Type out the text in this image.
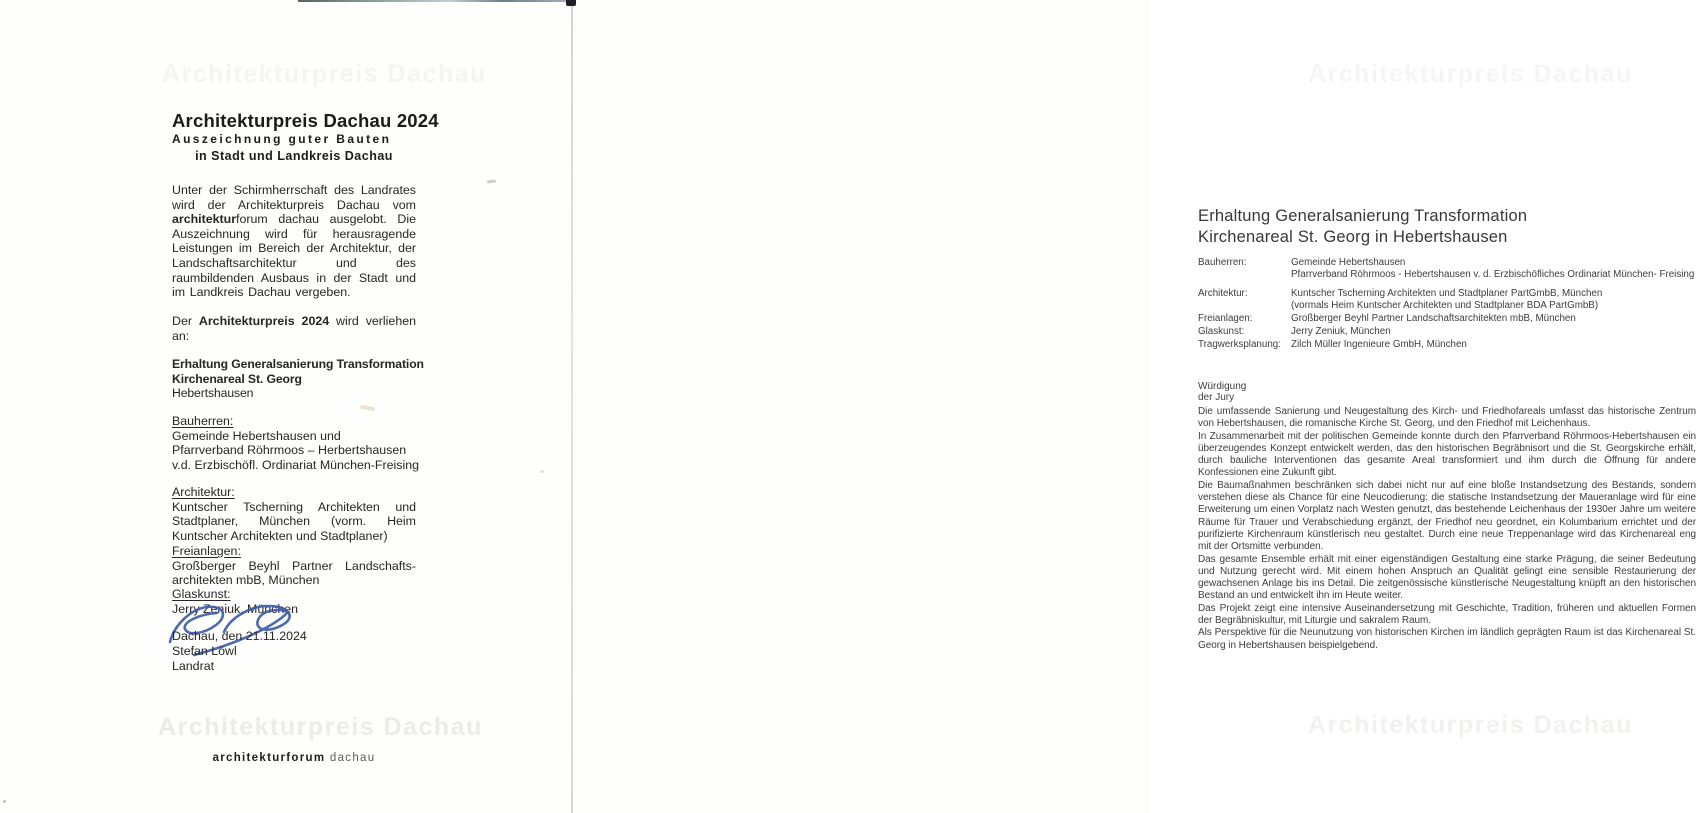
Architekturpreis Dachau
Architekturpreis Dachau 2024
Auszeichnung guter Bauten
in Stadt und Landkreis Dachau
Unter der Schirmherrschaft des Landrates wird der Architekturpreis Dachau vom architekturforum dachau ausgelobt. Die Auszeichnung wird für herausragende Leistungen im Bereich der Architektur, der Landschaftsarchitektur und des raumbildenden Ausbaus in der Stadt und im Landkreis Dachau vergeben.
Der Architekturpreis 2024 wird verliehen an:
Erhaltung Generalsanierung Transformation
Kirchenareal St. Georg
Hebertshausen
Bauherren:
Gemeinde Hebertshausen und
Pfarrverband Röhrmoos – Herbertshausen
v.d. Erzbischöfl. Ordinariat München-Freising
Architektur:
Kuntscher Tscherning Architekten und
Stadtplaner, München (vorm. Heim
Kuntscher Architekten und Stadtplaner)
Freianlagen:
Großberger Beyhl Partner Landschafts-
architekten mbB, München
Glaskunst:
Jerry Zeniuk, München
Dachau, den 21.11.2024
Stefan Löwl
Landrat
Architekturpreis Dachau
architekturforum dachau
Architekturpreis Dachau
Erhaltung Generalsanierung Transformation
Kirchenareal St. Georg in Hebertshausen
Bauherren:	Gemeinde Hebertshausen
Pfarrverband Röhrmoos - Hebertshausen v. d. Erzbischöfliches Ordinariat München- Freising
Architektur:	Kuntscher Tscherning Architekten und Stadtplaner PartGmbB, München
(vormals Heim Kuntscher Architekten und Stadtplaner BDA PartGmbB)
Freianlagen:	Großberger Beyhl Partner Landschaftsarchitekten mbB, München
Glaskunst:	Jerry Zeniuk, München
Tragwerksplanung:	Zilch Müller Ingenieure GmbH, München
Würdigung der Jury

Die umfassende Sanierung und Neugestaltung des Kirch- und Friedhofareals umfasst das historische Zentrum von Hebertshausen, die romanische Kirche St. Georg, und den Friedhof mit Leichenhaus.

In Zusammenarbeit mit der politischen Gemeinde konnte durch den Pfarrverband Röhrmoos-Hebertshausen ein überzeugendes Konzept entwickelt werden, das den historischen Begräbnisort und die St. Georgskirche erhält, durch bauliche Interventionen das gesamte Areal transformiert und ihm durch die Öffnung für andere Konfessionen eine Zukunft gibt.

Die Baumaßnahmen beschränken sich dabei nicht nur auf eine bloße Instandsetzung des Bestands, sondern verstehen diese als Chance für eine Neucodierung: die statische Instandsetzung der Maueranlage wird für eine Erweiterung um einen Vorplatz nach Westen genutzt, das bestehende Leichenhaus der 1930er Jahre um weitere Räume für Trauer und Verabschiedung ergänzt, der Friedhof neu geordnet, ein Kolumbarium errichtet und der purifizierte Kirchenraum künstlerisch neu gestaltet. Durch eine neue Treppenanlage wird das Kirchenareal eng mit der Ortsmitte verbunden.

Das gesamte Ensemble erhält mit einer eigenständigen Gestaltung eine starke Prägung, die seiner Bedeutung und Nutzung gerecht wird. Mit einem hohen Anspruch an Qualität gelingt eine sensible Restaurierung der gewachsenen Anlage bis ins Detail. Die zeitgenössische künstlerische Neugestaltung knüpft an den historischen Bestand an und entwickelt ihn im Heute weiter.

Das Projekt zeigt eine intensive Auseinandersetzung mit Geschichte, Tradition, früheren und aktuellen Formen der Begräbniskultur, mit Liturgie und sakralem Raum.

Als Perspektive für die Neunutzung von historischen Kirchen im ländlich geprägten Raum ist das Kirchenareal St. Georg in Hebertshausen beispielgebend.

Architekturpreis Dachau
